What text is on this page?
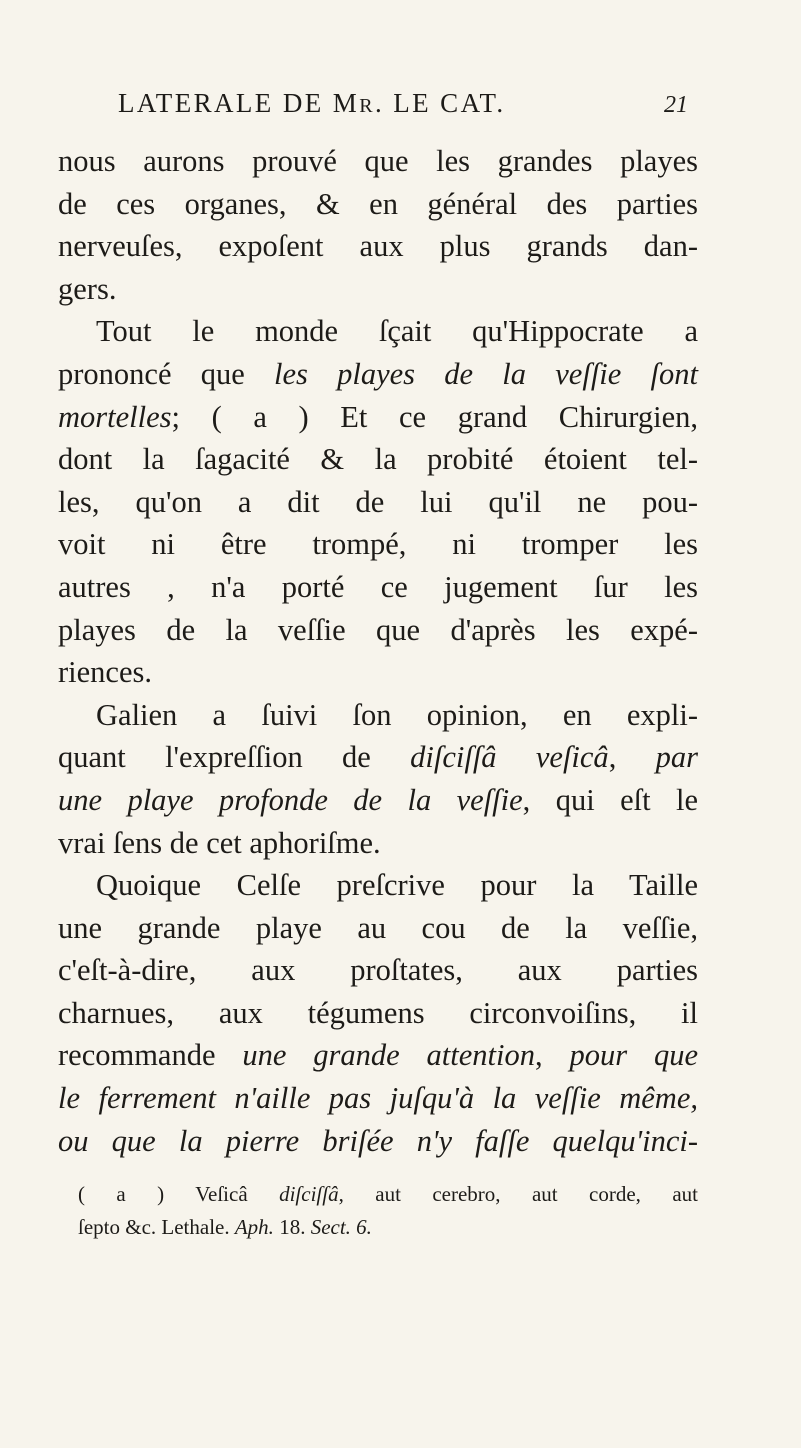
LATERALE DE MR. LE CAT.	21
nous aurons prouvé que les grandes playes
de ces organes, & en général des parties
nerveuſes, expoſent aux plus grands dan-
gers.
Tout le monde ſçait qu'Hippocrate a
prononcé que les playes de la veſſie ſont
mortelles; ( a ) Et ce grand Chirurgien,
dont la ſagacité & la probité étoient tel-
les, qu'on a dit de lui qu'il ne pou-
voit ni être trompé, ni tromper les
autres , n'a porté ce jugement ſur les
playes de la veſſie que d'après les expé-
riences.
Galien a ſuivi ſon opinion, en expli-
quant l'expreſſion de diſciſſâ veſicâ, par
une playe profonde de la veſſie, qui eſt le
vrai ſens de cet aphoriſme.
Quoique Celſe preſcrive pour la Taille
une grande playe au cou de la veſſie,
c'eſt-à-dire, aux proſtates, aux parties
charnues, aux tégumens circonvoiſins, il
recommande une grande attention, pour que
le ferrement n'aille pas juſqu'à la veſſie même,
ou que la pierre briſée n'y faſſe quelqu'inci-
( a ) Veſicâ diſciſſâ, aut cerebro, aut corde, aut
ſepto &c. Lethale. Aph. 18. Sect. 6.
